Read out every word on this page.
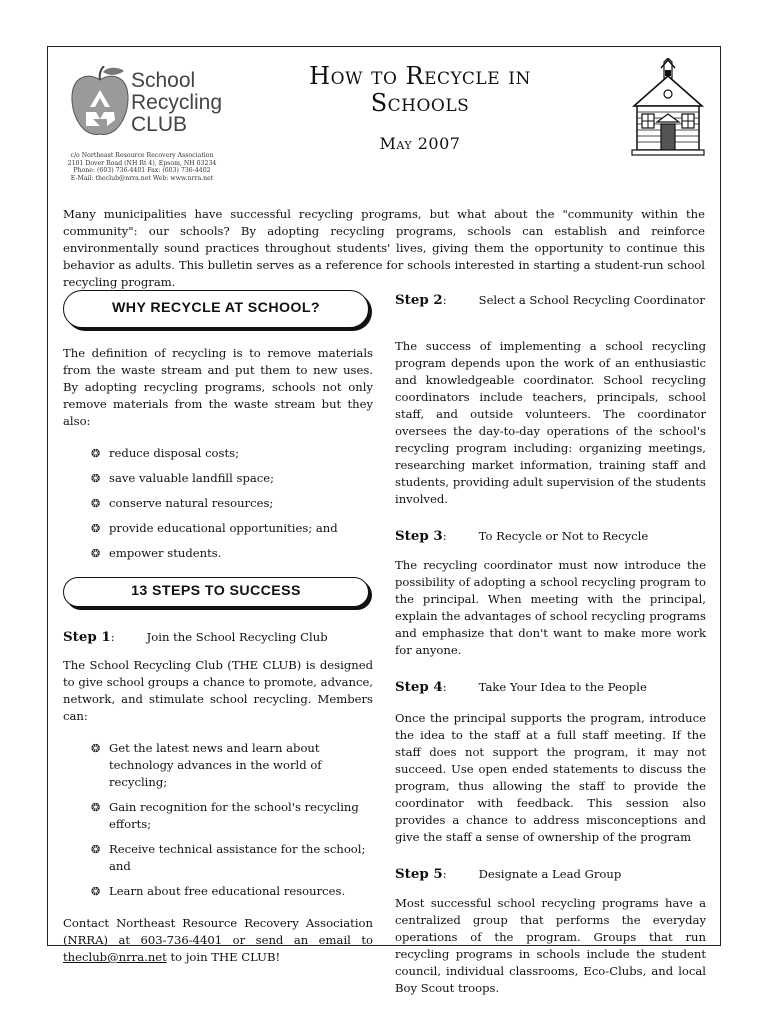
School
Recycling
CLUB
c/o Northeast Resource Recovery Association
2101 Dover Road (NH Rt 4), Epsom, NH 03234
Phone: (603) 736-4401 Fax: (603) 736-4402
E-Mail: theclub@nrra.net Web: www.nrra.net
How to Recycle in
Schools
May 2007
Many municipalities have successful recycling programs, but what about the "community within the community": our schools? By adopting recycling programs, schools can establish and reinforce environmentally sound practices throughout students' lives, giving them the opportunity to continue this behavior as adults. This bulletin serves as a reference for schools interested in starting a student-run school recycling program.
WHY RECYCLE AT SCHOOL?

The definition of recycling is to remove materials from the waste stream and put them to new uses. By adopting recycling programs, schools not only remove materials from the waste stream but they also:

❂ reduce disposal costs;
❂ save valuable landfill space;
❂ conserve natural resources;
❂ provide educational opportunities; and
❂ empower students.
13 STEPS TO SUCCESS
Step 1:	Join the School Recycling Club

The School Recycling Club (THE CLUB) is designed to give school groups a chance to promote, advance, network, and stimulate school recycling. Members can:

❂ Get the latest news and learn about technology advances in the world of recycling;
❂ Gain recognition for the school's recycling efforts;
❂ Receive technical assistance for the school; and
❂ Learn about free educational resources.

Contact Northeast Resource Recovery Association (NRRA) at 603-736-4401 or send an email to theclub@nrra.net to join THE CLUB!

Step 2:	Select a School Recycling Coordinator

The success of implementing a school recycling program depends upon the work of an enthusiastic and knowledgeable coordinator. School recycling coordinators include teachers, principals, school staff, and outside volunteers. The coordinator oversees the day-to-day operations of the school's recycling program including: organizing meetings, researching market information, training staff and students, providing adult supervision of the students involved.

Step 3:	To Recycle or Not to Recycle

The recycling coordinator must now introduce the possibility of adopting a school recycling program to the principal. When meeting with the principal, explain the advantages of school recycling programs and emphasize that don't want to make more work for anyone.

Step 4:	Take Your Idea to the People

Once the principal supports the program, introduce the idea to the staff at a full staff meeting. If the staff does not support the program, it may not succeed. Use open ended statements to discuss the program, thus allowing the staff to provide the coordinator with feedback. This session also provides a chance to address misconceptions and give the staff a sense of ownership of the program

Step 5:	Designate a Lead Group

Most successful school recycling programs have a centralized group that performs the everyday operations of the program. Groups that run recycling programs in schools include the student council, individual classrooms, Eco-Clubs, and local Boy Scout troops.
